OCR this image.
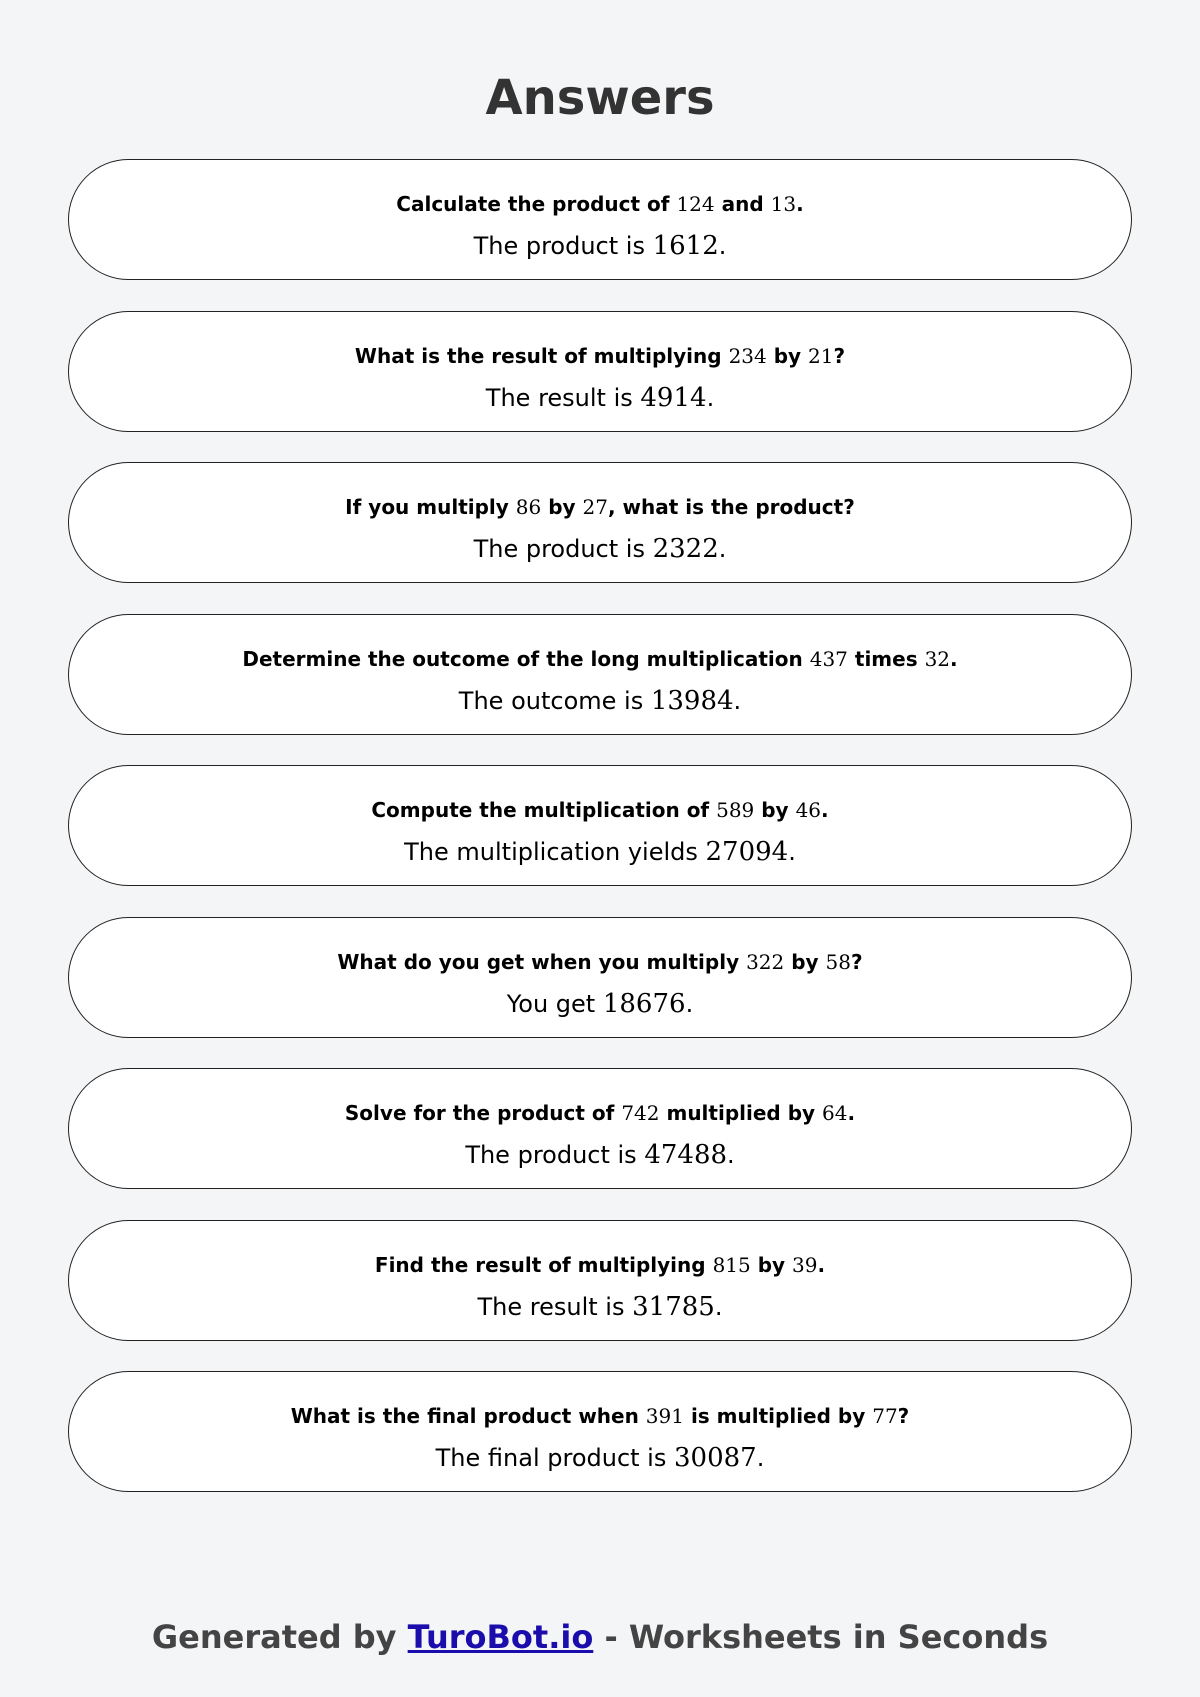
Answers
Calculate the product of 124 and 13.
The product is 1612.
What is the result of multiplying 234 by 21?
The result is 4914.
If you multiply 86 by 27, what is the product?
The product is 2322.
Determine the outcome of the long multiplication 437 times 32.
The outcome is 13984.
Compute the multiplication of 589 by 46.
The multiplication yields 27094.
What do you get when you multiply 322 by 58?
You get 18676.
Solve for the product of 742 multiplied by 64.
The product is 47488.
Find the result of multiplying 815 by 39.
The result is 31785.
What is the final product when 391 is multiplied by 77?
The final product is 30087.
Generated by TuroBot.io - Worksheets in Seconds
